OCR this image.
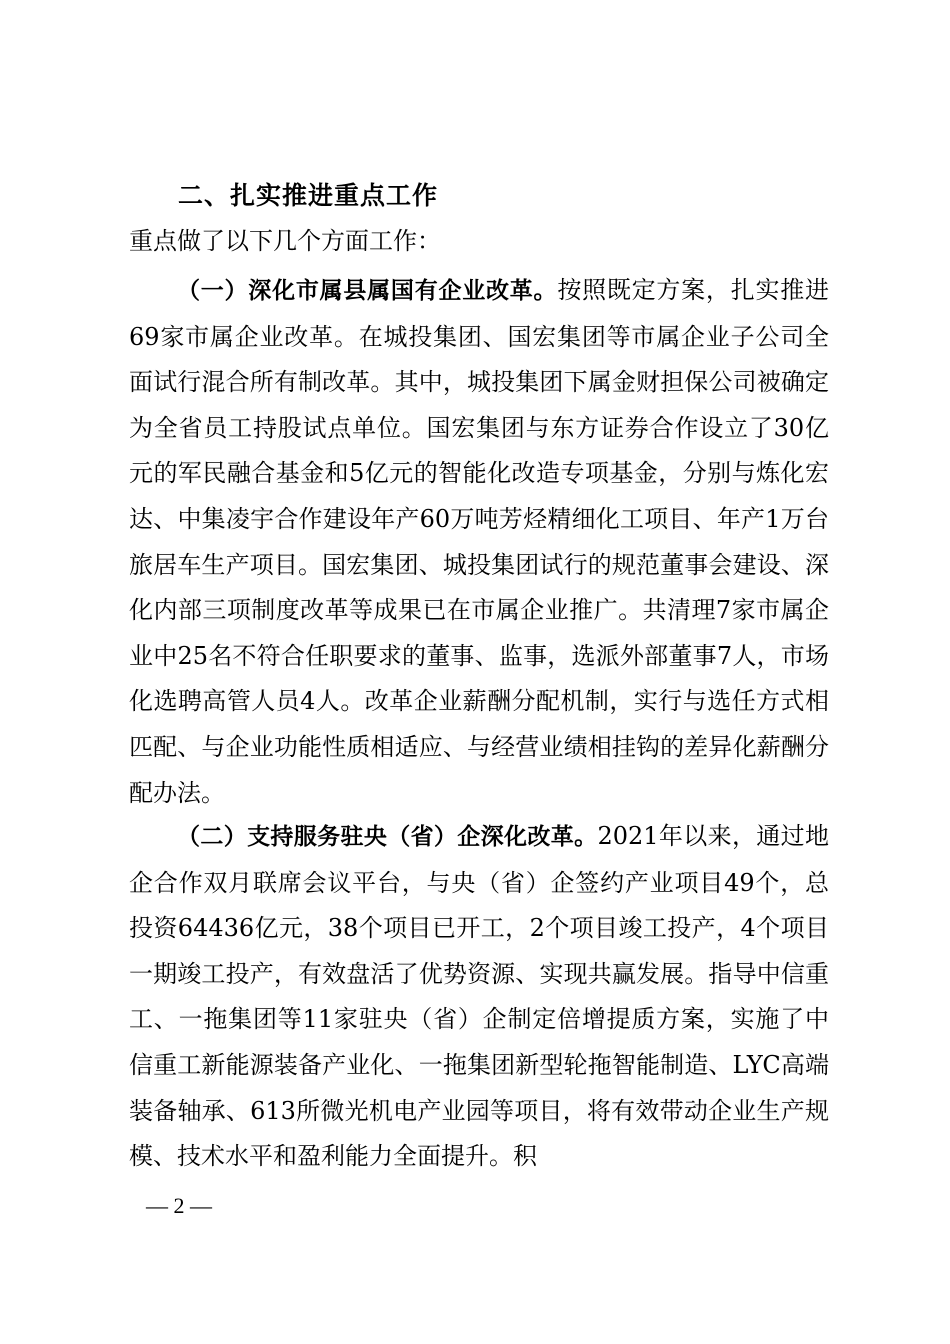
二、扎实推进重点工作
重点做了以下几个方面工作：
（一）深化市属县属国有企业改革。按照既定方案，扎实推进69家市属企业改革。在城投集团、国宏集团等市属企业子公司全面试行混合所有制改革。其中，城投集团下属金财担保公司被确定为全省员工持股试点单位。国宏集团与东方证券合作设立了30亿元的军民融合基金和5亿元的智能化改造专项基金，分别与炼化宏达、中集凌宇合作建设年产60万吨芳烃精细化工项目、年产1万台旅居车生产项目。国宏集团、城投集团试行的规范董事会建设、深化内部三项制度改革等成果已在市属企业推广。共清理7家市属企业中25名不符合任职要求的董事、监事，选派外部董事7人，市场化选聘高管人员4人。改革企业薪酬分配机制，实行与选任方式相匹配、与企业功能性质相适应、与经营业绩相挂钩的差异化薪酬分配办法。
（二）支持服务驻央（省）企深化改革。2021年以来，通过地企合作双月联席会议平台，与央（省）企签约产业项目49个，总投资64436亿元，38个项目已开工，2个项目竣工投产，4个项目一期竣工投产，有效盘活了优势资源、实现共赢发展。指导中信重工、一拖集团等11家驻央（省）企制定倍增提质方案，实施了中信重工新能源装备产业化、一拖集团新型轮拖智能制造、LYC高端装备轴承、613所微光机电产业园等项目，将有效带动企业生产规模、技术水平和盈利能力全面提升。积
— 2 —
